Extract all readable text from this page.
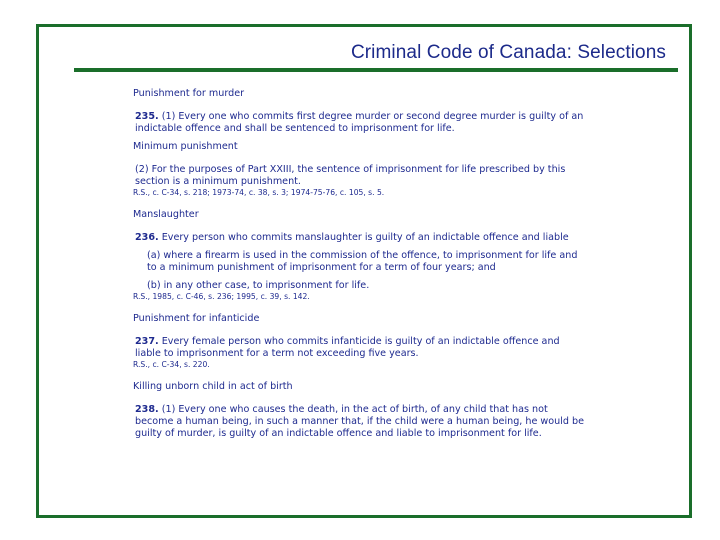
Criminal Code of Canada: Selections

Punishment for murder

235. (1) Every one who commits first degree murder or second degree murder is guilty of an indictable offence and shall be sentenced to imprisonment for life.

Minimum punishment

(2) For the purposes of Part XXIII, the sentence of imprisonment for life prescribed by this section is a minimum punishment.

R.S., c. C-34, s. 218; 1973-74, c. 38, s. 3; 1974-75-76, c. 105, s. 5.

Manslaughter

236. Every person who commits manslaughter is guilty of an indictable offence and liable

(a) where a firearm is used in the commission of the offence, to imprisonment for life and to a minimum punishment of imprisonment for a term of four years; and

(b) in any other case, to imprisonment for life.

R.S., 1985, c. C-46, s. 236; 1995, c. 39, s. 142.

Punishment for infanticide

237. Every female person who commits infanticide is guilty of an indictable offence and liable to imprisonment for a term not exceeding five years.

R.S., c. C-34, s. 220.

Killing unborn child in act of birth

238. (1) Every one who causes the death, in the act of birth, of any child that has not become a human being, in such a manner that, if the child were a human being, he would be guilty of murder, is guilty of an indictable offence and liable to imprisonment for life.
